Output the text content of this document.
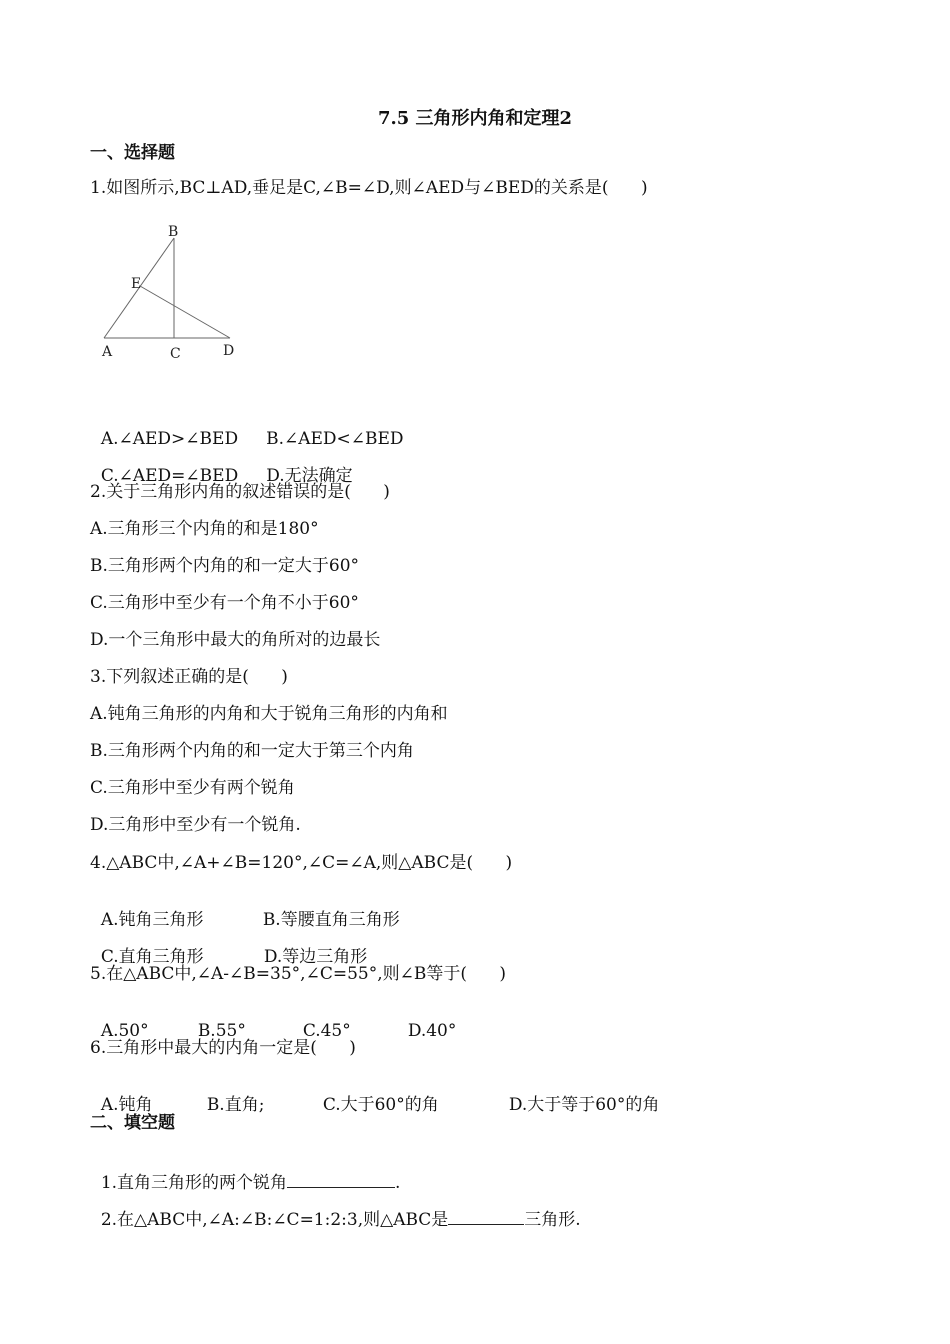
7.5 三角形内角和定理2
一、选择题
1.如图所示,BC⊥AD,垂足是C,∠B=∠D,则∠AED与∠BED的关系是(      )
B
E
A	C	D

A.∠AED>∠BED B.∠AED<∠BED

C.∠AED=∠BED D.无法确定

2.关于三角形内角的叙述错误的是(      )
A.三角形三个内角的和是180°
B.三角形两个内角的和一定大于60°
C.三角形中至少有一个角不小于60°
D.一个三角形中最大的角所对的边最长
3.下列叙述正确的是(      )
A.钝角三角形的内角和大于锐角三角形的内角和
B.三角形两个内角的和一定大于第三个内角
C.三角形中至少有两个锐角
D.三角形中至少有一个锐角.
4.△ABC中,∠A+∠B=120°,∠C=∠A,则△ABC是(      )

A.钝角三角形	B.等腰直角三角形

C.直角三角形	D.等边三角形

5.在△ABC中,∠A-∠B=35°,∠C=55°,则∠B等于(      )

A.50°	B.55°	C.45°	D.40°

6.三角形中最大的内角一定是(      )

A.钝角	B.直角;	C.大于60°的角	D.大于等于60°的角

二、填空题

1.直角三角形的两个锐角	.

2.在△ABC中,∠A:∠B:∠C=1:2:3,则△ABC是	三角形.
